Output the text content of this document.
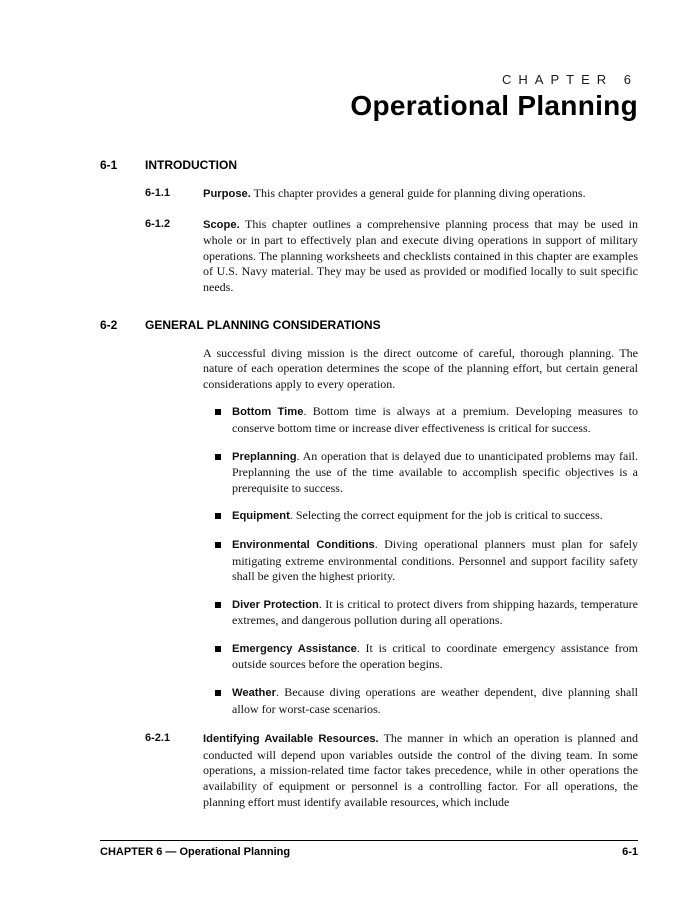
CHAPTER 6
Operational Planning
6-1	INTRODUCTION
6-1.1	Purpose. This chapter provides a general guide for planning diving operations.

6-1.2	Scope. This chapter outlines a comprehensive planning process that may be used in whole or in part to effectively plan and execute diving operations in support of military operations. The planning worksheets and checklists contained in this chapter are examples of U.S. Navy material. They may be used as provided or modified locally to suit specific needs.

6-2	GENERAL PLANNING CONSIDERATIONS

A successful diving mission is the direct outcome of careful, thorough planning. The nature of each operation determines the scope of the planning effort, but certain general considerations apply to every operation.

Bottom Time. Bottom time is always at a premium. Developing measures to conserve bottom time or increase diver effectiveness is critical for success.

Preplanning. An operation that is delayed due to unanticipated problems may fail. Preplanning the use of the time available to accomplish specific objectives is a prerequisite to success.

Equipment. Selecting the correct equipment for the job is critical to success.

Environmental Conditions. Diving operational planners must plan for safely mitigating extreme environmental conditions. Personnel and support facility safety shall be given the highest priority.

Diver Protection. It is critical to protect divers from shipping hazards, temperature extremes, and dangerous pollution during all operations.

Emergency Assistance. It is critical to coordinate emergency assistance from outside sources before the operation begins.

Weather. Because diving operations are weather dependent, dive planning shall allow for worst-case scenarios.

6-2.1	Identifying Available Resources. The manner in which an operation is planned and conducted will depend upon variables outside the control of the diving team. In some operations, a mission-related time factor takes precedence, while in other operations the availability of equipment or personnel is a controlling factor. For all operations, the planning effort must identify available resources, which include

CHAPTER 6 — Operational Planning	6-1
